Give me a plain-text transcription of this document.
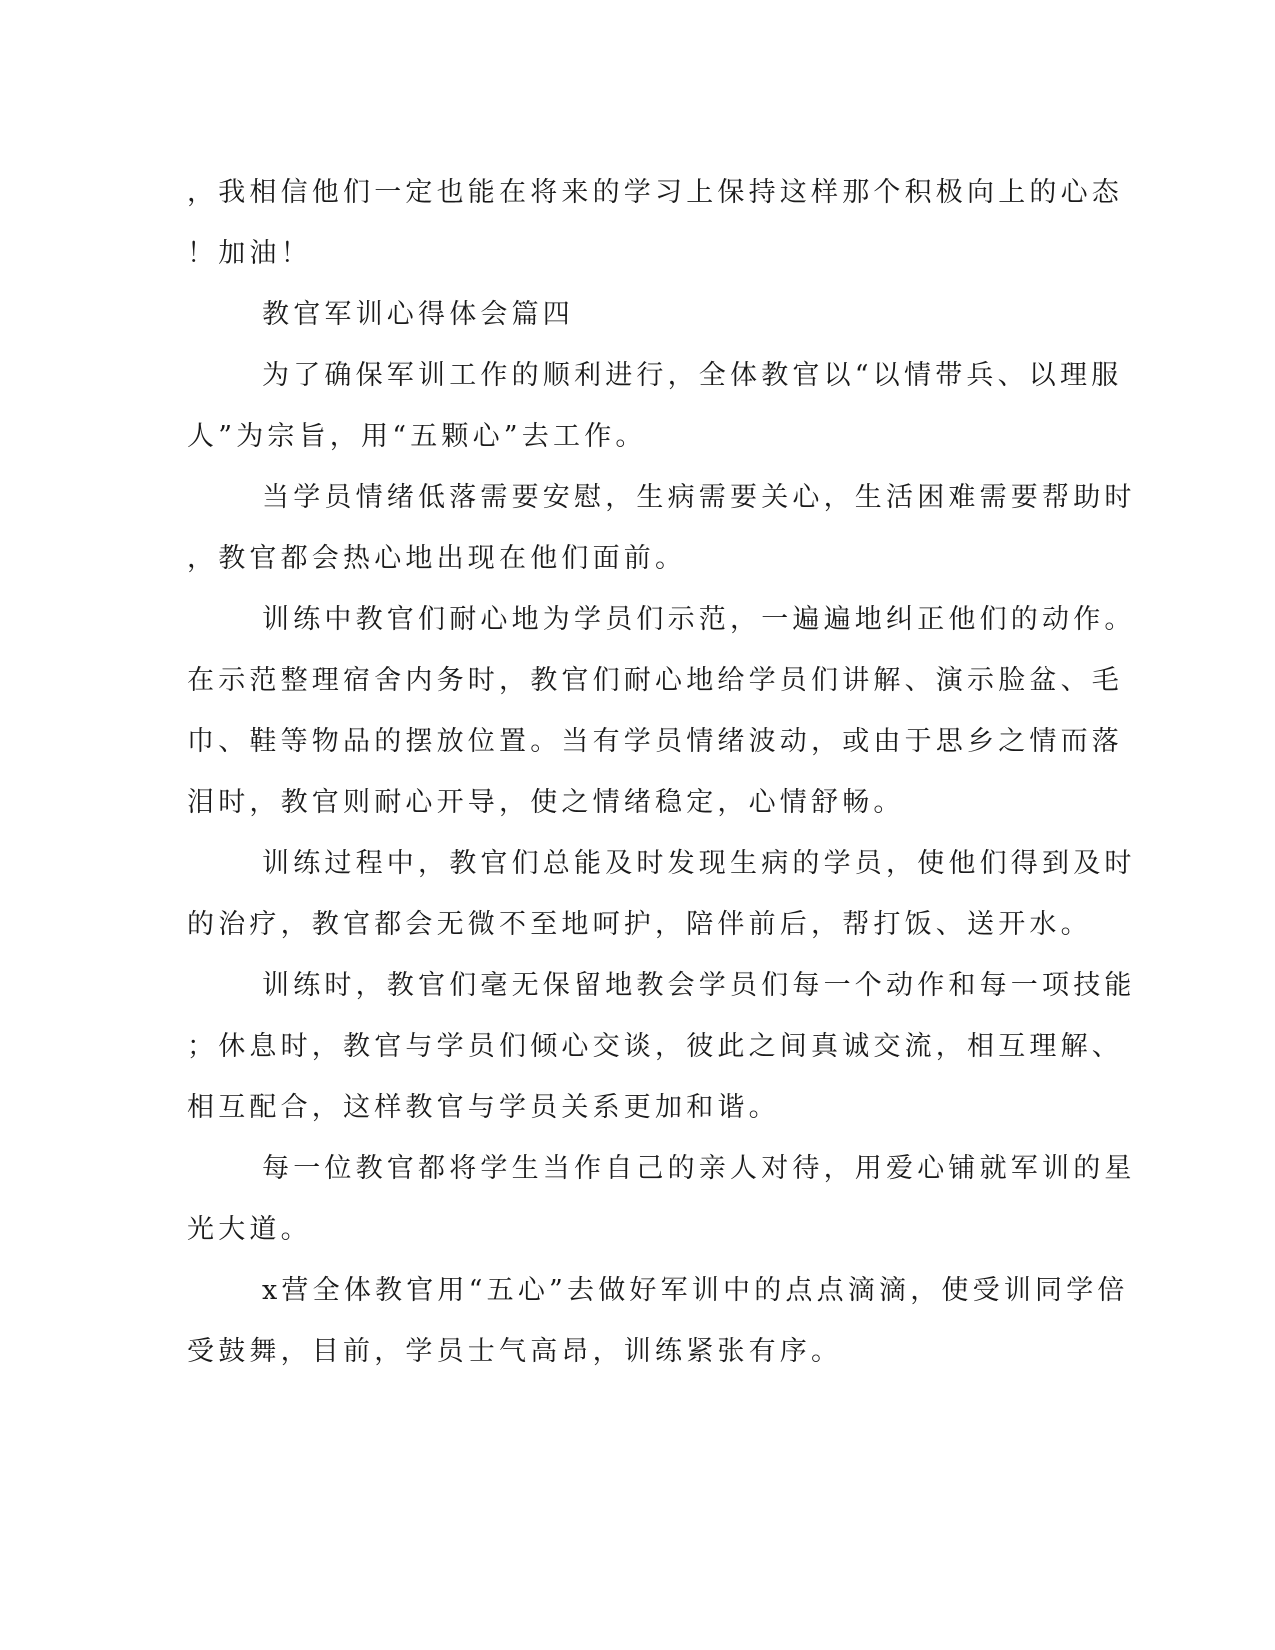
，我相信他们一定也能在将来的学习上保持这样那个积极向上的心态
！加油！
教官军训心得体会篇四
为了确保军训工作的顺利进行，全体教官以“以情带兵、以理服
人”为宗旨，用“五颗心”去工作。
当学员情绪低落需要安慰，生病需要关心，生活困难需要帮助时
，教官都会热心地出现在他们面前。
训练中教官们耐心地为学员们示范，一遍遍地纠正他们的动作。
在示范整理宿舍内务时，教官们耐心地给学员们讲解、演示脸盆、毛
巾、鞋等物品的摆放位置。当有学员情绪波动，或由于思乡之情而落
泪时，教官则耐心开导，使之情绪稳定，心情舒畅。
训练过程中，教官们总能及时发现生病的学员，使他们得到及时
的治疗，教官都会无微不至地呵护，陪伴前后，帮打饭、送开水。
训练时，教官们毫无保留地教会学员们每一个动作和每一项技能
；休息时，教官与学员们倾心交谈，彼此之间真诚交流，相互理解、
相互配合，这样教官与学员关系更加和谐。
每一位教官都将学生当作自己的亲人对待，用爱心铺就军训的星
光大道。
x营全体教官用“五心”去做好军训中的点点滴滴，使受训同学倍
受鼓舞，目前，学员士气高昂，训练紧张有序。
